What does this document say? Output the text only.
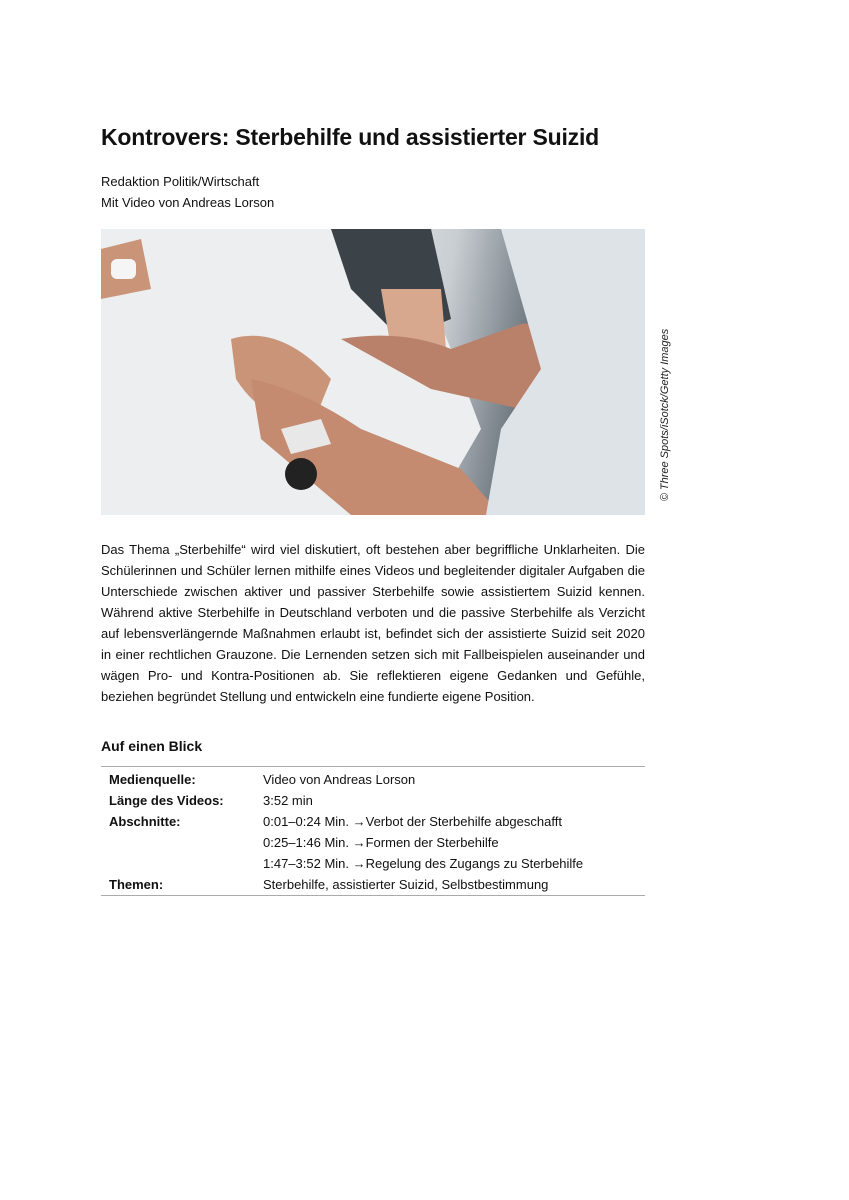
Kontrovers: Sterbehilfe und assistierter Suizid
Redaktion Politik/Wirtschaft
Mit Video von Andreas Lorson
© Three Spots/iSotck/Getty Images

Das Thema „Sterbehilfe“ wird viel diskutiert, oft bestehen aber begriffliche Unklarheiten. Die Schülerinnen und Schüler lernen mithilfe eines Videos und begleitender digitaler Aufgaben die Unterschiede zwischen aktiver und passiver Sterbehilfe sowie assistiertem Suizid kennen. Während aktive Sterbehilfe in Deutschland verboten und die passive Sterbehilfe als Verzicht auf lebensverlängernde Maßnahmen erlaubt ist, befindet sich der assistierte Suizid seit 2020 in einer rechtlichen Grauzone. Die Lernenden setzen sich mit Fallbeispielen auseinander und wägen Pro- und Kontra-Positionen ab. Sie reflektieren eigene Gedanken und Gefühle, beziehen begründet Stellung und entwickeln eine fundierte eigene Position.

Auf einen Blick
Medienquelle:	Video von Andreas Lorson
Länge des Videos:	3:52 min
Abschnitte:	0:01–0:24 Min. →Verbot der Sterbehilfe abgeschafft
0:25–1:46 Min. →Formen der Sterbehilfe
1:47–3:52 Min. →Regelung des Zugangs zu Sterbehilfe
Themen:	Sterbehilfe, assistierter Suizid, Selbstbestimmung
